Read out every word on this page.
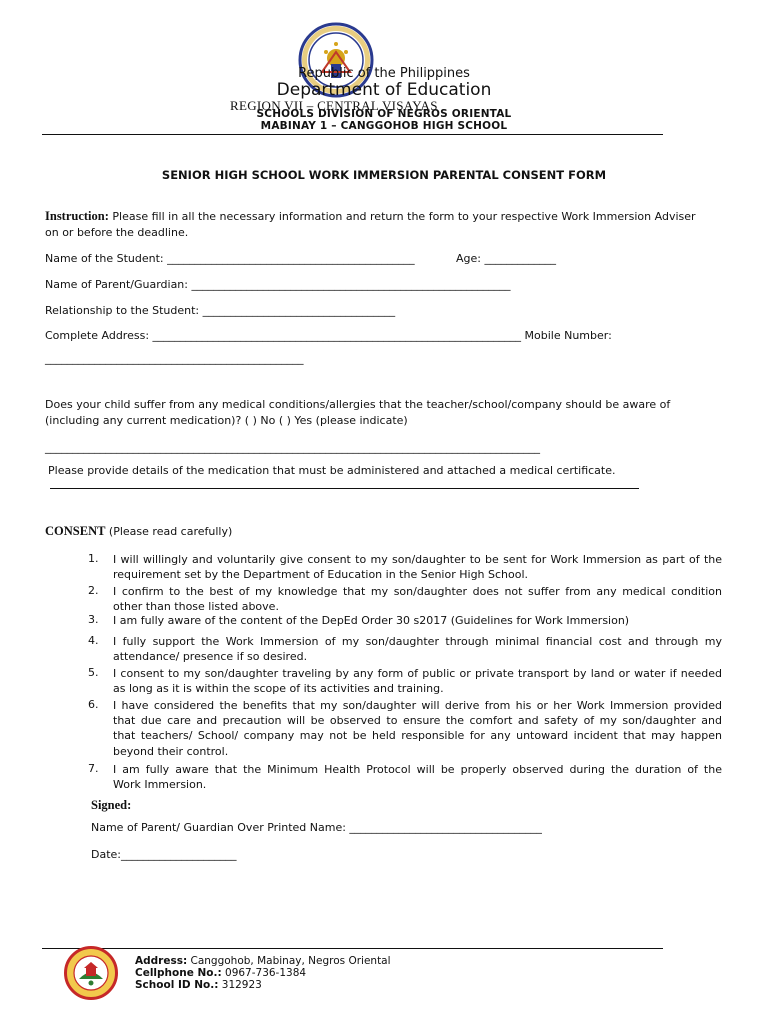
Republic of the Philippines
Department of Education
REGION VII – CENTRAL VISAYAS
SCHOOLS DIVISION OF NEGROS ORIENTAL
MABINAY 1 – CANGGOHOB HIGH SCHOOL
SENIOR HIGH SCHOOL WORK IMMERSION PARENTAL CONSENT FORM
Instruction: Please fill in all the necessary information and return the form to your respective Work Immersion Adviser
on or before the deadline.
Name of the Student: _____________________________________________	Age: _____________
Name of Parent/Guardian: __________________________________________________________
Relationship to the Student: ___________________________________
Complete Address: ___________________________________________________________________ Mobile Number:
_______________________________________________
Does your child suffer from any medical conditions/allergies that the teacher/school/company should be aware of
(including any current medication)? ( ) No ( ) Yes (please indicate)
__________________________________________________________________________________________
Please provide details of the medication that must be administered and attached a medical certificate.
CONSENT (Please read carefully)
1. I will willingly and voluntarily give consent to my son/daughter to be sent for Work Immersion as part of the
requirement set by the Department of Education in the Senior High School.
2. I confirm to the best of my knowledge that my son/daughter does not suffer from any medical condition
other than those listed above.
3. I am fully aware of the content of the DepEd Order 30 s2017 (Guidelines for Work Immersion)
4. I fully support the Work Immersion of my son/daughter through minimal financial cost and through my
attendance/ presence if so desired.
5. I consent to my son/daughter traveling by any form of public or private transport by land or water if needed
as long as it is within the scope of its activities and training.
6. I have considered the benefits that my son/daughter will derive from his or her Work Immersion provided
that due care and precaution will be observed to ensure the comfort and safety of my son/daughter and
that teachers/ School/ company may not be held responsible for any untoward incident that may happen
beyond their control.
7. I am fully aware that the Minimum Health Protocol will be properly observed during the duration of the
Work Immersion.
Signed:
Name of Parent/ Guardian Over Printed Name: ___________________________________
Date:_____________________
Address: Canggohob, Mabinay, Negros Oriental
Cellphone No.: 0967-736-1384
School ID No.: 312923
